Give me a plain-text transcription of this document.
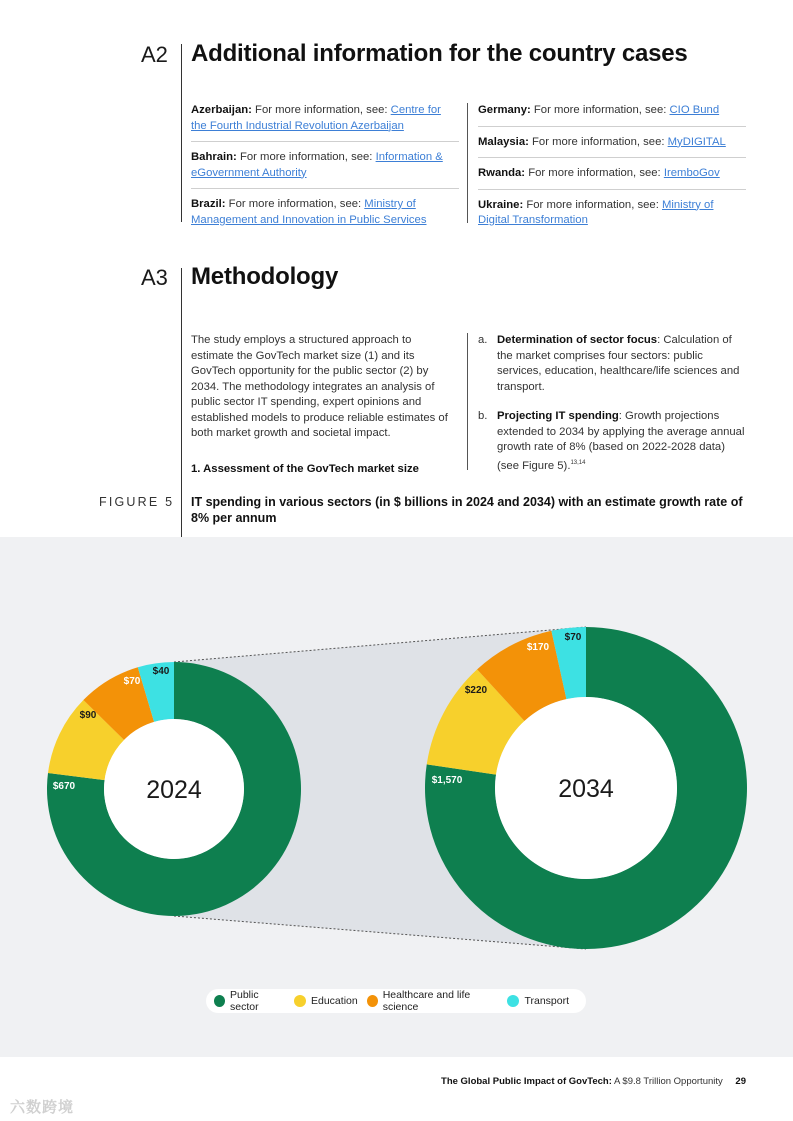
A2 Additional information for the country cases
Azerbaijan: For more information, see: Centre for the Fourth Industrial Revolution Azerbaijan
Bahrain: For more information, see: Information & eGovernment Authority
Brazil: For more information, see: Ministry of Management and Innovation in Public Services
Germany: For more information, see: CIO Bund
Malaysia: For more information, see: MyDIGITAL
Rwanda: For more information, see: IremboGov
Ukraine: For more information, see: Ministry of Digital Transformation
A3 Methodology

The study employs a structured approach to estimate the GovTech market size (1) and its GovTech opportunity for the public sector (2) by 2034. The methodology integrates an analysis of public sector IT spending, expert opinions and established models to produce reliable estimates of both market growth and societal impact.

1. Assessment of the GovTech market size

a. Determination of sector focus: Calculation of the market comprises four sectors: public services, education, healthcare/life sciences and transport.
b. Projecting IT spending: Growth projections extended to 2034 by applying the average annual growth rate of 8% (based on 2022-2028 data) (see Figure 5).$^{13,14}$
FIGURE 5 IT spending in various sectors (in $ billions in 2024 and 2034) with an estimate growth rate of 8% per annum
2024
$670
$90
$70
$40
2034
$1,570
$220
$170
$70
Public sector	Education Healthcare and life science	Transport
The Global Public Impact of GovTech: A $9.8 Trillion Opportunity 29
六数跨境
